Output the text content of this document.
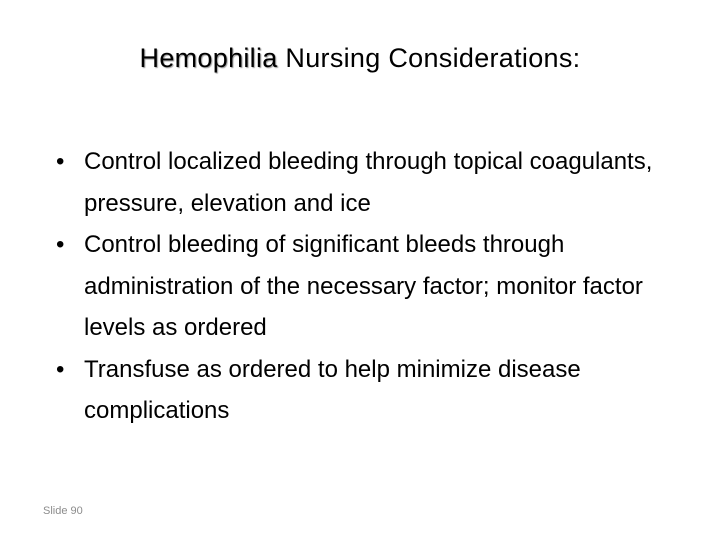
Hemophilia Nursing Considerations:
• Control localized bleeding through topical coagulants, pressure, elevation and ice
• Control bleeding of significant bleeds through administration of the necessary factor; monitor factor levels as ordered
• Transfuse as ordered to help minimize disease complications
Slide 90
